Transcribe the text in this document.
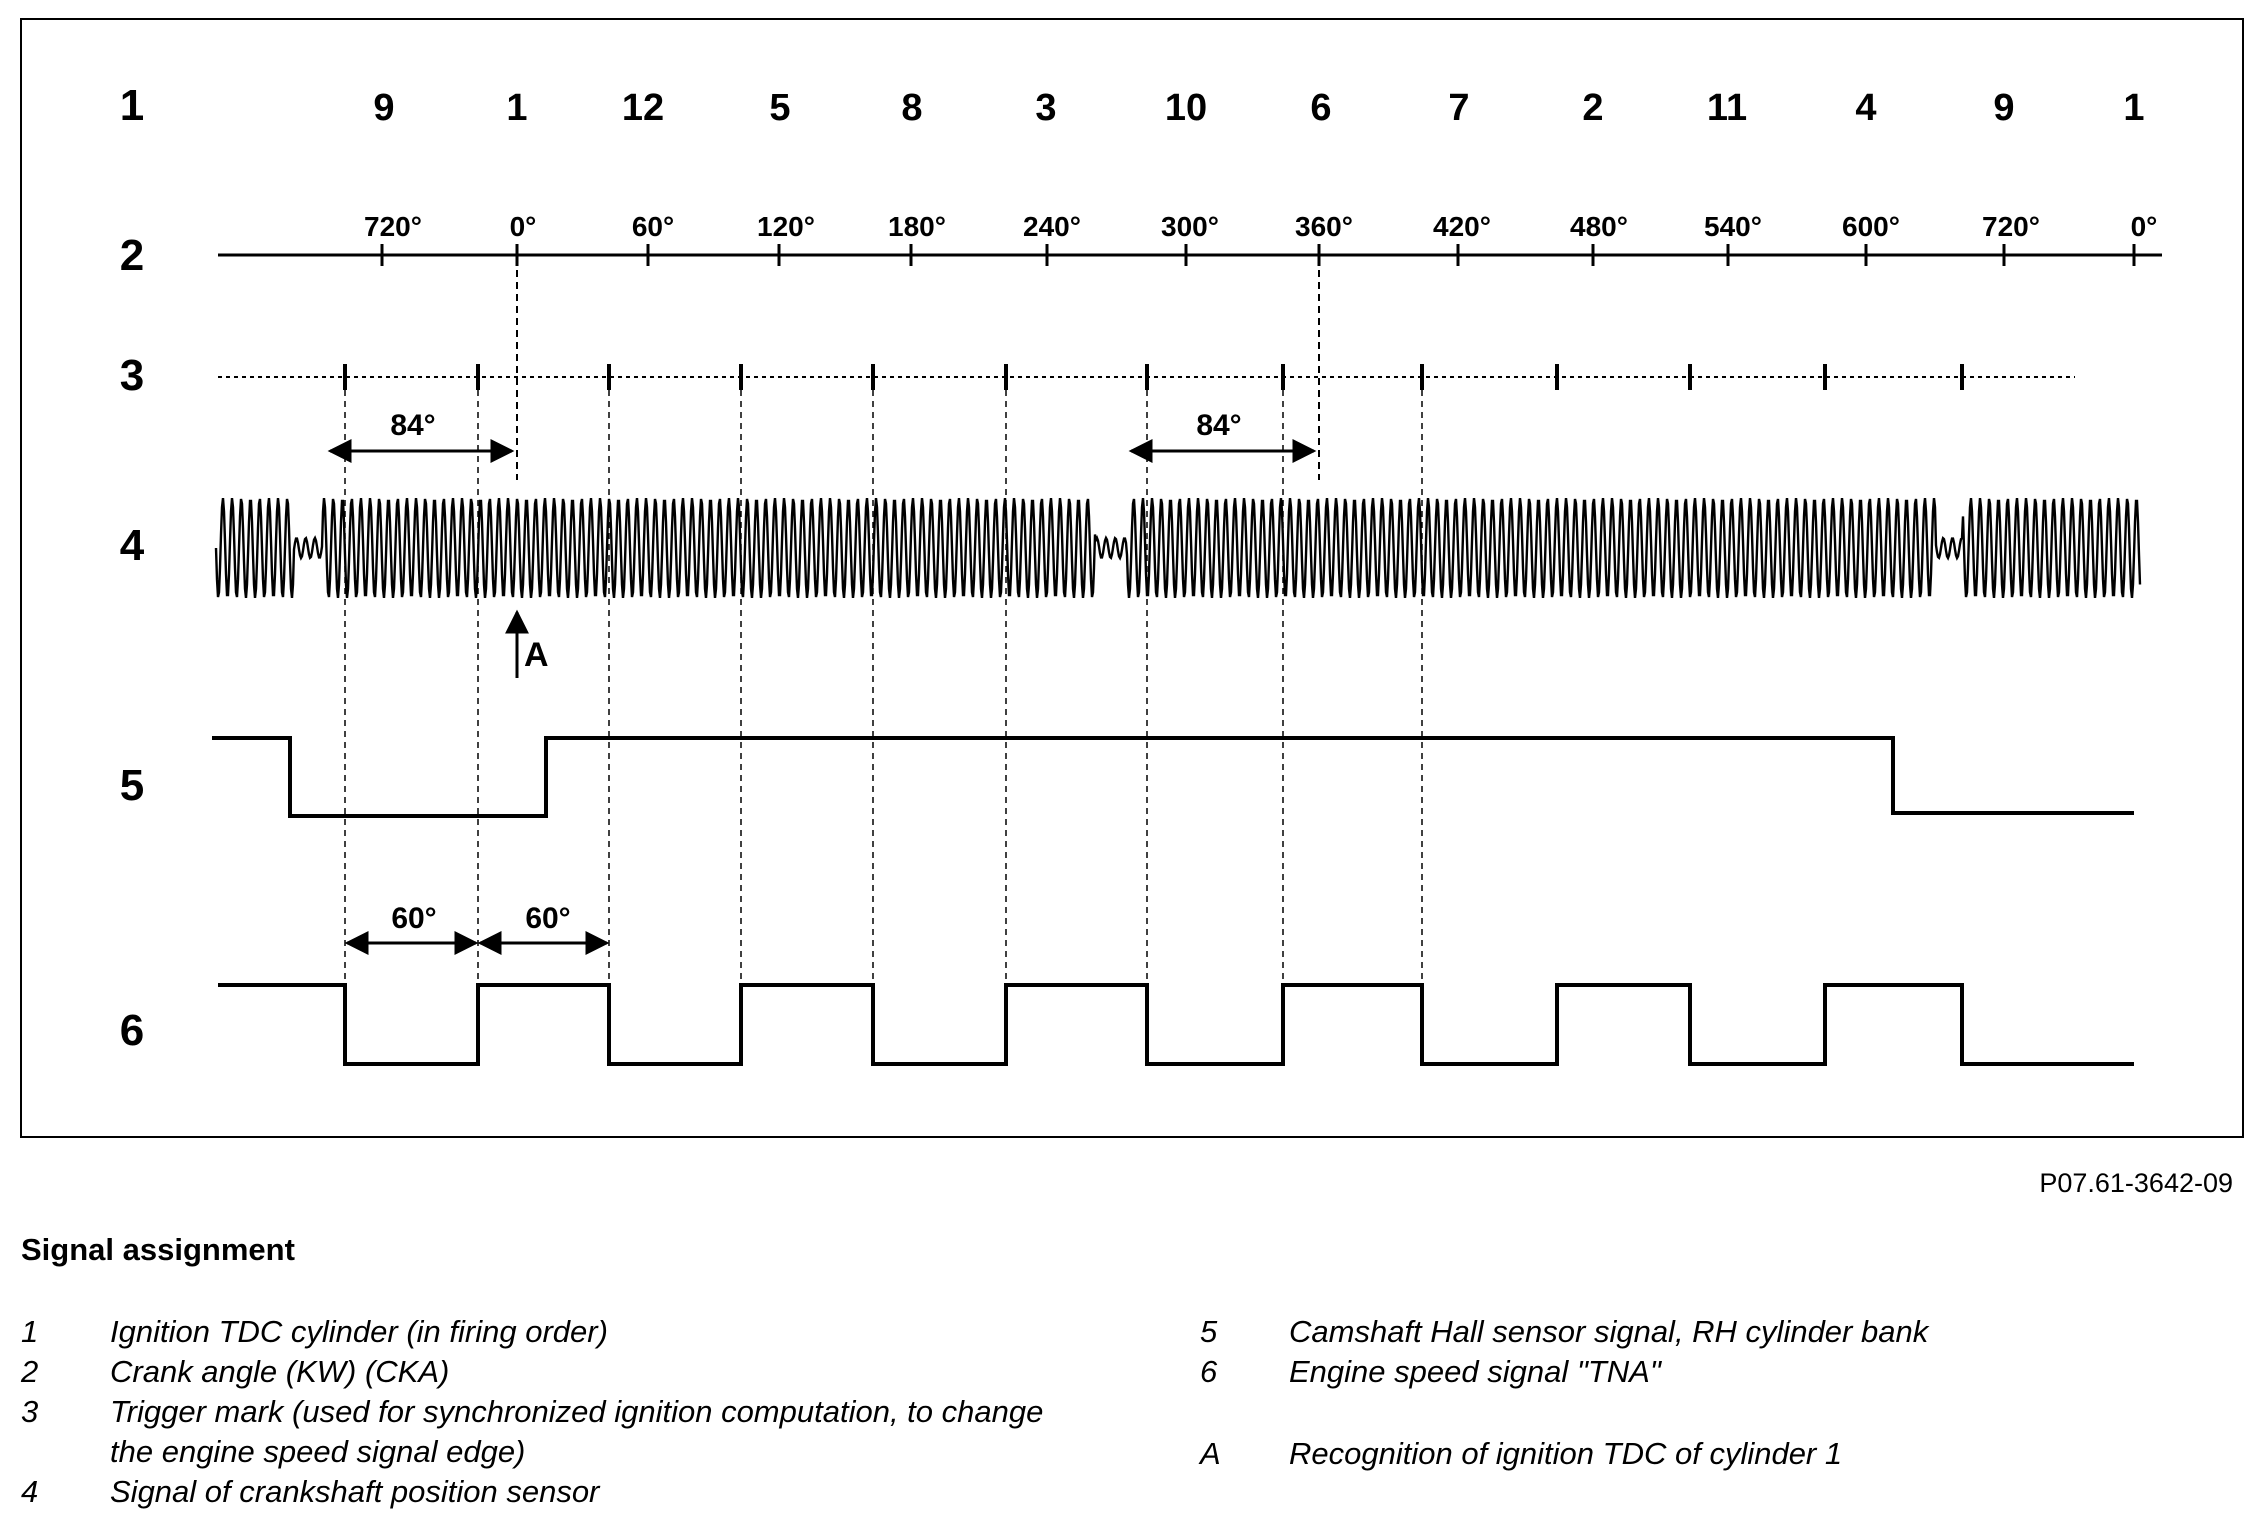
1
2
3
4
5
6
9	1 12	5	8	3	10	6	7	2	11	4	9	1
720°	0°	60°	120°	180°	240°	300°	360°	420°	480°	540°	600°	720°	0°
84°	84°
A
60°	60°
P07.61-3642-09
Signal assignment
1	Ignition TDC cylinder (in firing order)
2	Crank angle (KW) (CKA)
3	Trigger mark (used for synchronized ignition computation, to change the engine speed signal edge)
4	Signal of crankshaft position sensor
5	Camshaft Hall sensor signal, RH cylinder bank
6	Engine speed signal "TNA"
A	Recognition of ignition TDC of cylinder 1
